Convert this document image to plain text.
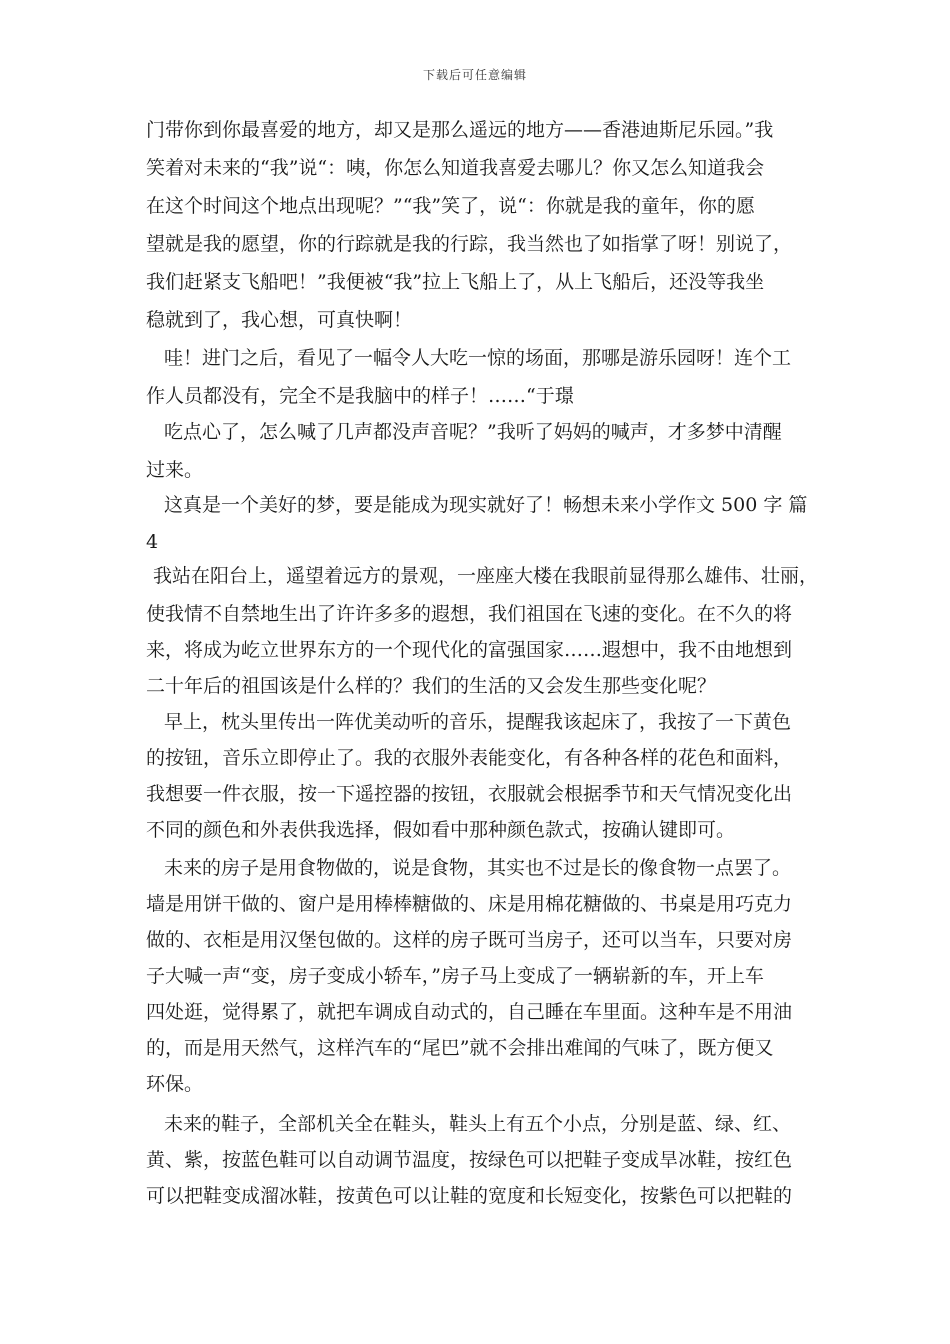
下载后可任意编辑
门带你到你最喜爱的地方，却又是那么遥远的地方——香港迪斯尼乐园。”我
笑着对未来的“我”说“：咦，你怎么知道我喜爱去哪儿？你又怎么知道我会
在这个时间这个地点出现呢？”“我”笑了，说“：你就是我的童年，你的愿
望就是我的愿望，你的行踪就是我的行踪，我当然也了如指掌了呀！别说了，
我们赶紧支飞船吧！”我便被“我”拉上飞船上了，从上飞船后，还没等我坐
稳就到了，我心想，可真快啊！
哇！进门之后，看见了一幅令人大吃一惊的场面，那哪是游乐园呀！连个工
作人员都没有，完全不是我脑中的样子！……“于璟
吃点心了，怎么喊了几声都没声音呢？”我听了妈妈的喊声，才多梦中清醒
过来。
这真是一个美好的梦，要是能成为现实就好了！畅想未来小学作文 500 字 篇
4
我站在阳台上，遥望着远方的景观，一座座大楼在我眼前显得那么雄伟、壮丽，
使我情不自禁地生出了许许多多的遐想，我们祖国在飞速的变化。在不久的将
来，将成为屹立世界东方的一个现代化的富强国家……遐想中，我不由地想到
二十年后的祖国该是什么样的？我们的生活的又会发生那些变化呢？
早上，枕头里传出一阵优美动听的音乐，提醒我该起床了，我按了一下黄色
的按钮，音乐立即停止了。我的衣服外表能变化，有各种各样的花色和面料，
我想要一件衣服，按一下遥控器的按钮，衣服就会根据季节和天气情况变化出
不同的颜色和外表供我选择，假如看中那种颜色款式，按确认键即可。
未来的房子是用食物做的，说是食物，其实也不过是长的像食物一点罢了。
墙是用饼干做的、窗户是用棒棒糖做的、床是用棉花糖做的、书桌是用巧克力
做的、衣柜是用汉堡包做的。这样的房子既可当房子，还可以当车，只要对房
子大喊一声“变，房子变成小轿车，”房子马上变成了一辆崭新的车，开上车
四处逛，觉得累了，就把车调成自动式的，自己睡在车里面。这种车是不用油
的，而是用天然气，这样汽车的“尾巴”就不会排出难闻的气味了，既方便又
环保。
未来的鞋子，全部机关全在鞋头，鞋头上有五个小点，分别是蓝、绿、红、
黄、紫，按蓝色鞋可以自动调节温度，按绿色可以把鞋子变成旱冰鞋，按红色
可以把鞋变成溜冰鞋，按黄色可以让鞋的宽度和长短变化，按紫色可以把鞋的
